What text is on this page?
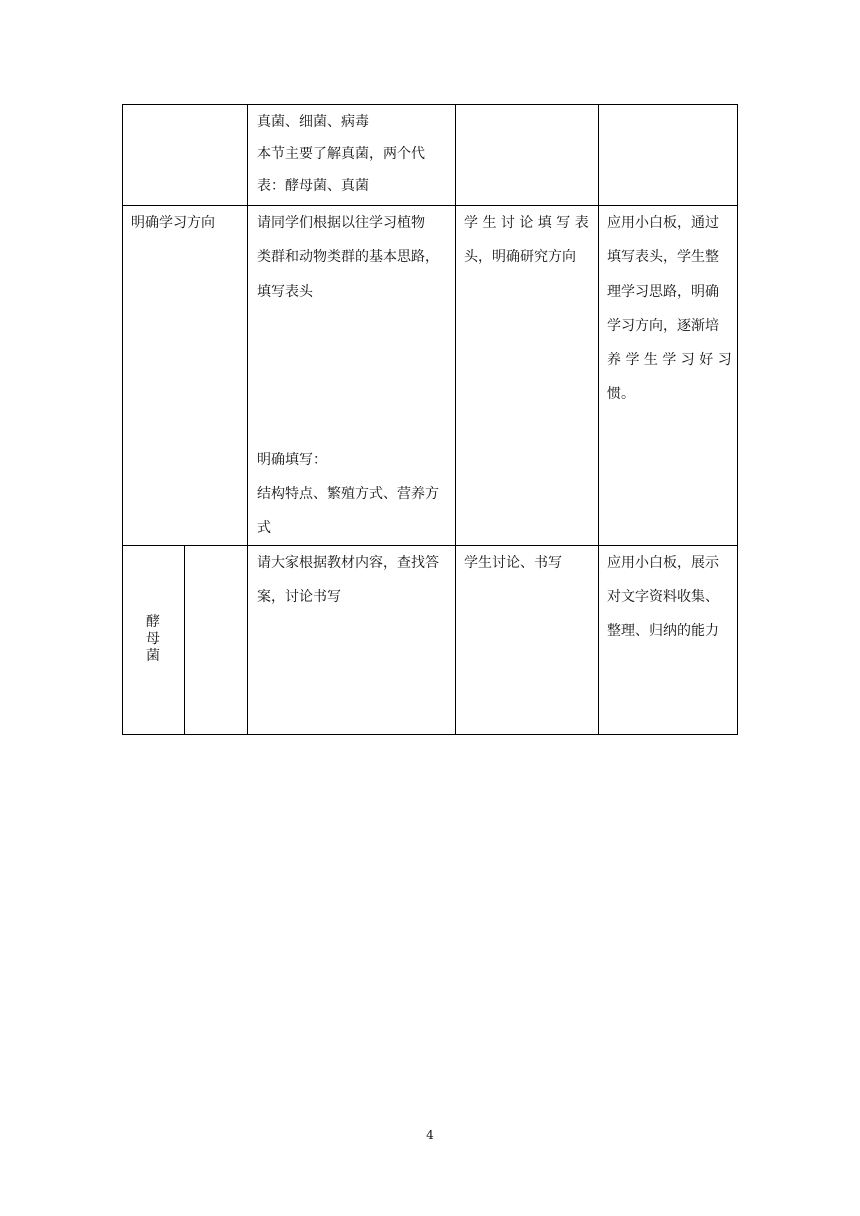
真菌、细菌、病毒
本节主要了解真菌，两个代
表：酵母菌、真菌
明确学习方向	请同学们根据以往学习植物
类群和动物类群的基本思路，
填写表头
明确填写：
结构特点、繁殖方式、营养方
式
学 生 讨 论 填 写 表
头，明确研究方向
应用小白板，通过
填写表头，学生整
理学习思路，明确
学习方向，逐渐培
养 学 生 学 习 好 习
惯。
酵母菌
请大家根据教材内容，查找答
案，讨论书写
学生讨论、书写	应用小白板，展示
对文字资料收集、
整理、归纳的能力
4
